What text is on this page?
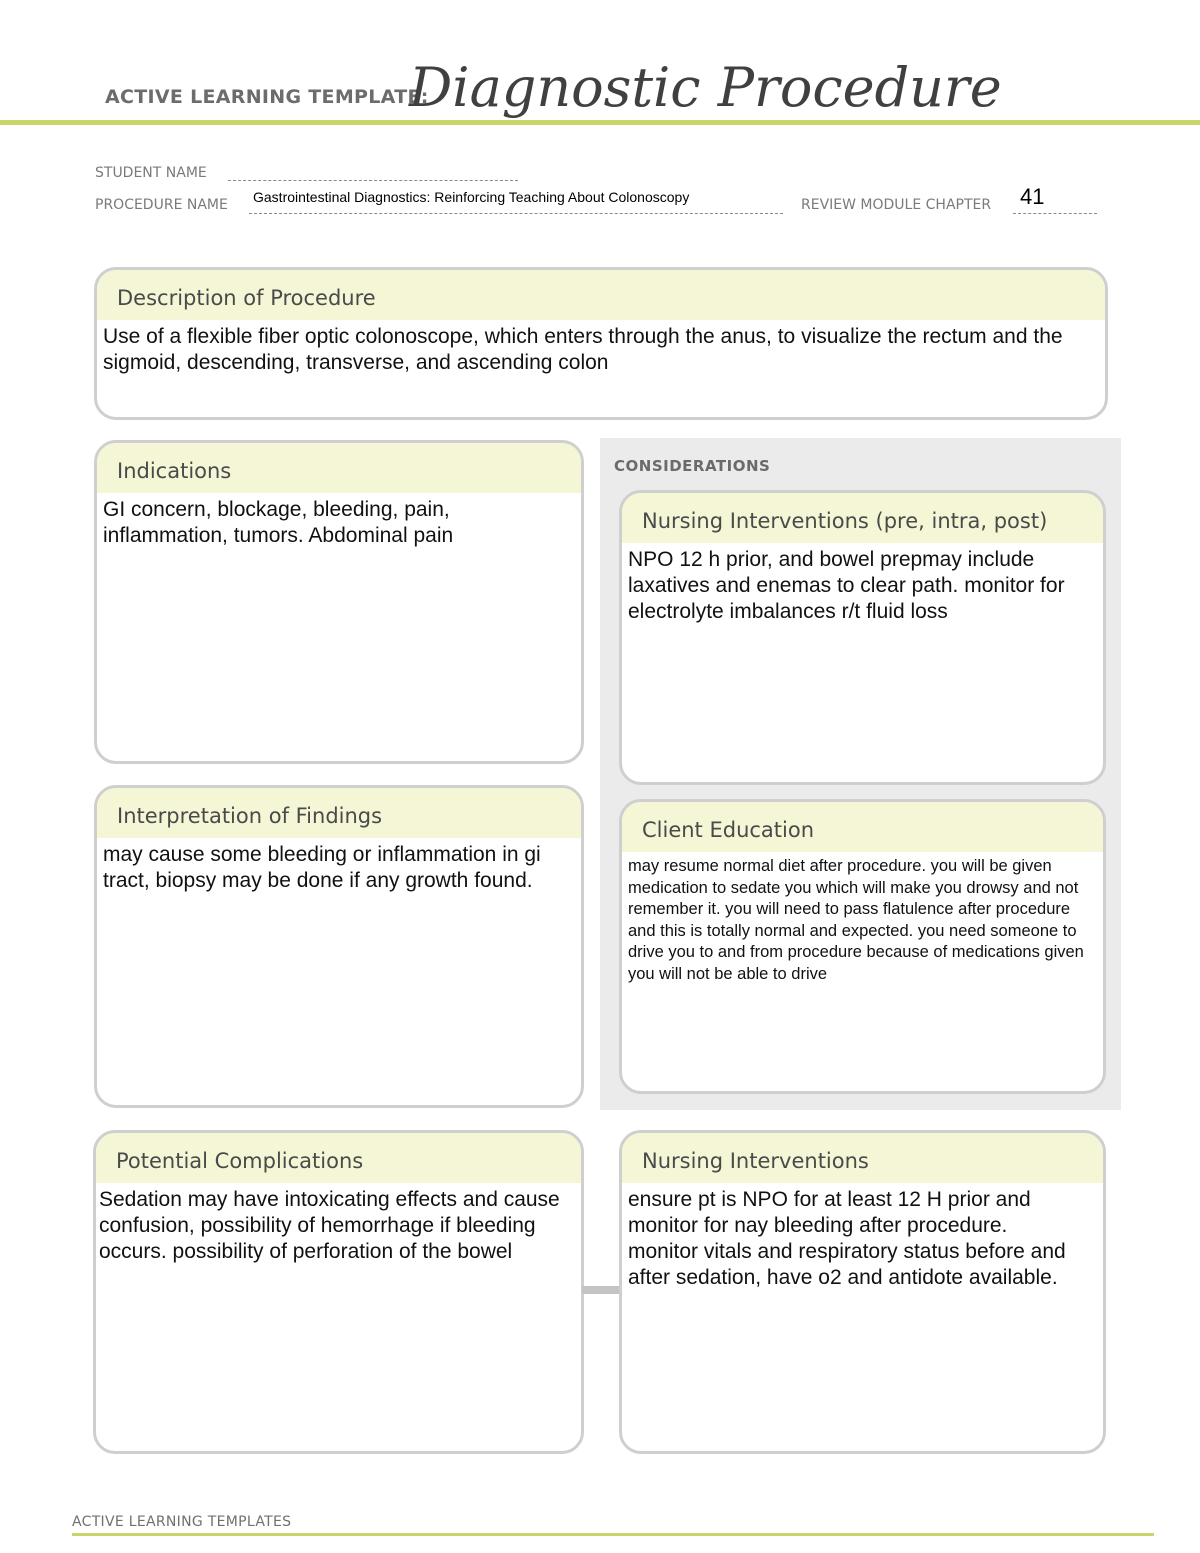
ACTIVE LEARNING TEMPLATE:
Diagnostic Procedure
STUDENT NAME
PROCEDURE NAME Gastrointestinal Diagnostics: Reinforcing Teaching About Colonoscopy	REVIEW MODULE CHAPTER 41
Description of Procedure
Use of a flexible fiber optic colonoscope, which enters through the anus, to visualize the rectum and the sigmoid, descending, transverse, and ascending colon
Indications
GI concern, blockage, bleeding, pain, inflammation, tumors. Abdominal pain
Interpretation of Findings
may cause some bleeding or inflammation in gi tract, biopsy may be done if any growth found.
CONSIDERATIONS
Nursing Interventions (pre, intra, post)
NPO 12 h prior, and bowel prepmay include laxatives and enemas to clear path. monitor for electrolyte imbalances r/t fluid loss
Client Education
may resume normal diet after procedure. you will be given medication to sedate you which will make you drowsy and not remember it. you will need to pass flatulence after procedure and this is totally normal and expected. you need someone to drive you to and from procedure because of medications given you will not be able to drive
Potential Complications
Sedation may have intoxicating effects and cause confusion, possibility of hemorrhage if bleeding occurs. possibility of perforation of the bowel
Nursing Interventions
ensure pt is NPO for at least 12 H prior and monitor for nay bleeding after procedure. monitor vitals and respiratory status before and after sedation, have o2 and antidote available.
ACTIVE LEARNING TEMPLATES
